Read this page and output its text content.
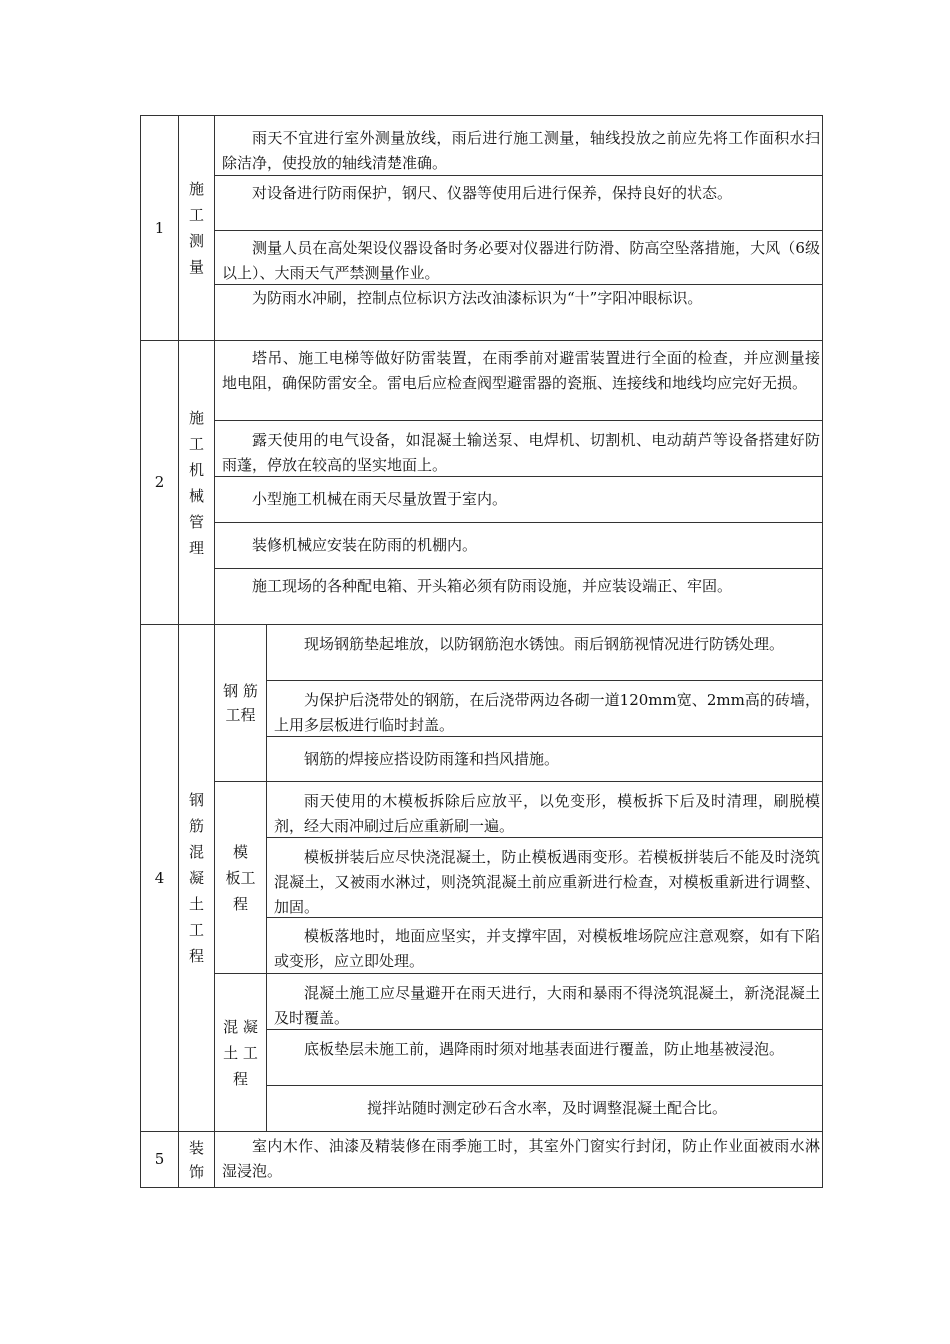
1
施
工
测
量
雨天不宜进行室外测量放线，雨后进行施工测量，轴线投放之前应先将工作面积水扫除洁净，使投放的轴线清楚准确。
对设备进行防雨保护，钢尺、仪器等使用后进行保养，保持良好的状态。
测量人员在高处架设仪器设备时务必要对仪器进行防滑、防高空坠落措施，大风（6级以上）、大雨天气严禁测量作业。
为防雨水冲刷，控制点位标识方法改油漆标识为“十”字阳冲眼标识。
2
施
工
机
械
管
理
塔吊、施工电梯等做好防雷装置，在雨季前对避雷装置进行全面的检查，并应测量接地电阻，确保防雷安全。雷电后应检查阀型避雷器的瓷瓶、连接线和地线均应完好无损。
露天使用的电气设备，如混凝土输送泵、电焊机、切割机、电动葫芦等设备搭建好防雨蓬，停放在较高的坚实地面上。
小型施工机械在雨天尽量放置于室内。
装修机械应安装在防雨的机棚内。
施工现场的各种配电箱、开头箱必须有防雨设施，并应装设端正、牢固。
4
钢
筋
混
凝
土
工
程
钢 筋
工程
现场钢筋垫起堆放，以防钢筋泡水锈蚀。雨后钢筋视情况进行防锈处理。
为保护后浇带处的钢筋，在后浇带两边各砌一道120mm宽、2mm高的砖墙，上用多层板进行临时封盖。
钢筋的焊接应搭设防雨篷和挡风措施。
模
板工
程
雨天使用的木模板拆除后应放平，以免变形，模板拆下后及时清理，刷脱模剂，经大雨冲刷过后应重新刷一遍。
模板拼装后应尽快浇混凝土，防止模板遇雨变形。若模板拼装后不能及时浇筑混凝土，又被雨水淋过，则浇筑混凝土前应重新进行检查，对模板重新进行调整、加固。
模板落地时，地面应坚实，并支撑牢固，对模板堆场院应注意观察，如有下陷或变形，应立即处理。
混 凝
土 工
程
混凝土施工应尽量避开在雨天进行，大雨和暴雨不得浇筑混凝土，新浇混凝土及时覆盖。
底板垫层未施工前，遇降雨时须对地基表面进行覆盖，防止地基被浸泡。
搅拌站随时测定砂石含水率，及时调整混凝土配合比。
5
装
饰
室内木作、油漆及精装修在雨季施工时，其室外门窗实行封闭，防止作业面被雨水淋湿浸泡。
